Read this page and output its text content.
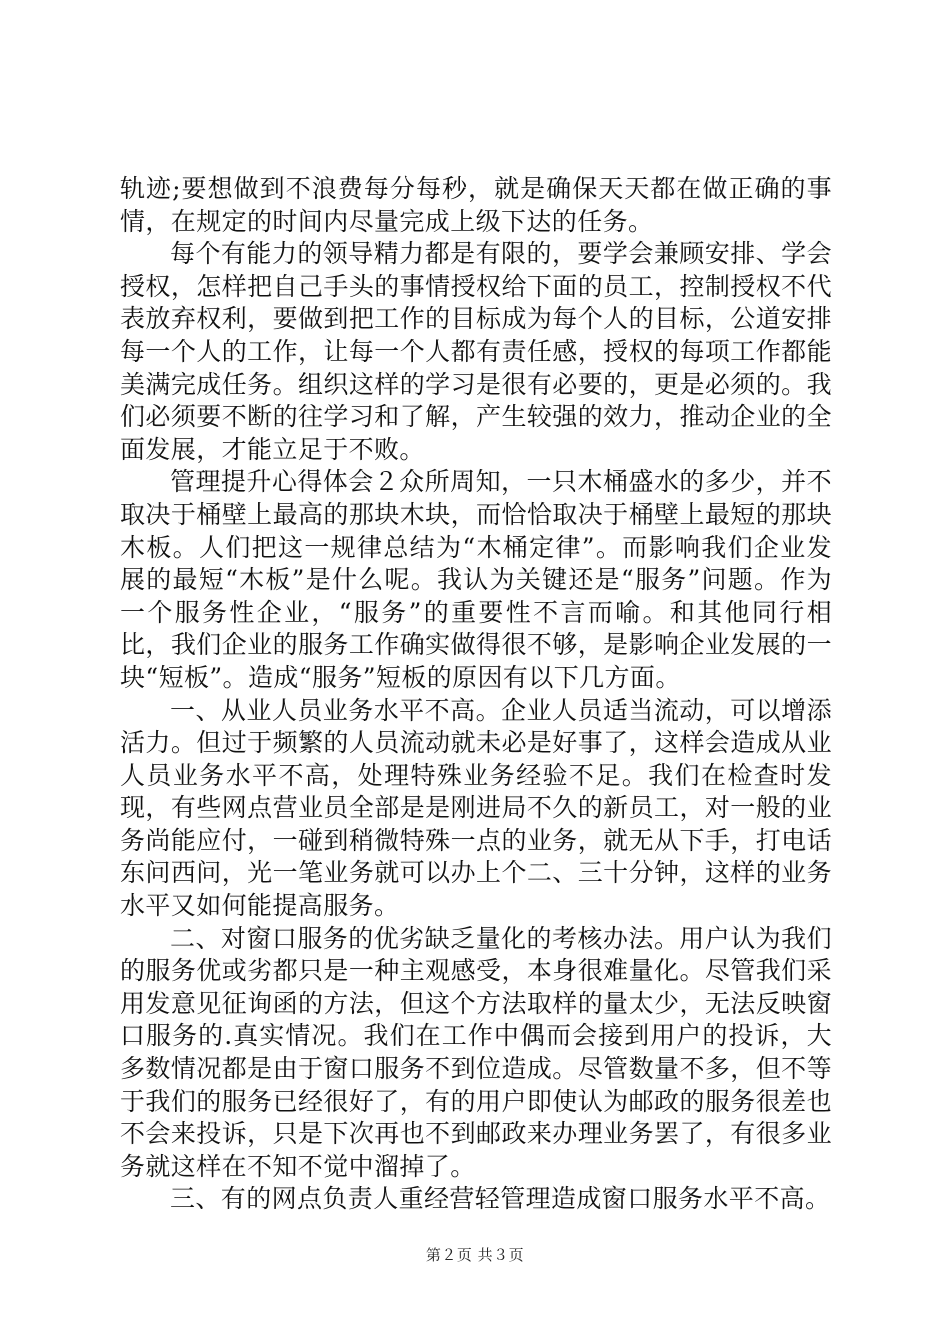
轨迹;要想做到不浪费每分每秒，就是确保天天都在做正确的事情，在规定的时间内尽量完成上级下达的任务。

每个有能力的领导精力都是有限的，要学会兼顾安排、学会授权，怎样把自己手头的事情授权给下面的员工，控制授权不代表放弃权利，要做到把工作的目标成为每个人的目标，公道安排每一个人的工作，让每一个人都有责任感，授权的每项工作都能美满完成任务。组织这样的学习是很有必要的，更是必须的。我们必须要不断的往学习和了解，产生较强的效力，推动企业的全面发展，才能立足于不败。

管理提升心得体会２众所周知，一只木桶盛水的多少，并不取决于桶壁上最高的那块木块，而恰恰取决于桶壁上最短的那块木板。人们把这一规律总结为“木桶定律”。而影响我们企业发展的最短“木板”是什么呢。我认为关键还是“服务”问题。作为一个服务性企业，“服务”的重要性不言而喻。和其他同行相比，我们企业的服务工作确实做得很不够，是影响企业发展的一块“短板”。造成“服务”短板的原因有以下几方面。

一、从业人员业务水平不高。企业人员适当流动，可以增添活力。但过于频繁的人员流动就未必是好事了，这样会造成从业人员业务水平不高，处理特殊业务经验不足。我们在检查时发现，有些网点营业员全部是是刚进局不久的新员工，对一般的业务尚能应付，一碰到稍微特殊一点的业务，就无从下手，打电话东问西问，光一笔业务就可以办上个二、三十分钟，这样的业务水平又如何能提高服务。

二、对窗口服务的优劣缺乏量化的考核办法。用户认为我们的服务优或劣都只是一种主观感受，本身很难量化。尽管我们采用发意见征询函的方法，但这个方法取样的量太少，无法反映窗口服务的.真实情况。我们在工作中偶而会接到用户的投诉，大多数情况都是由于窗口服务不到位造成。尽管数量不多，但不等于我们的服务已经很好了，有的用户即使认为邮政的服务很差也不会来投诉，只是下次再也不到邮政来办理业务罢了，有很多业务就这样在不知不觉中溜掉了。

三、有的网点负责人重经营轻管理造成窗口服务水平不高。

第２页 共３页
